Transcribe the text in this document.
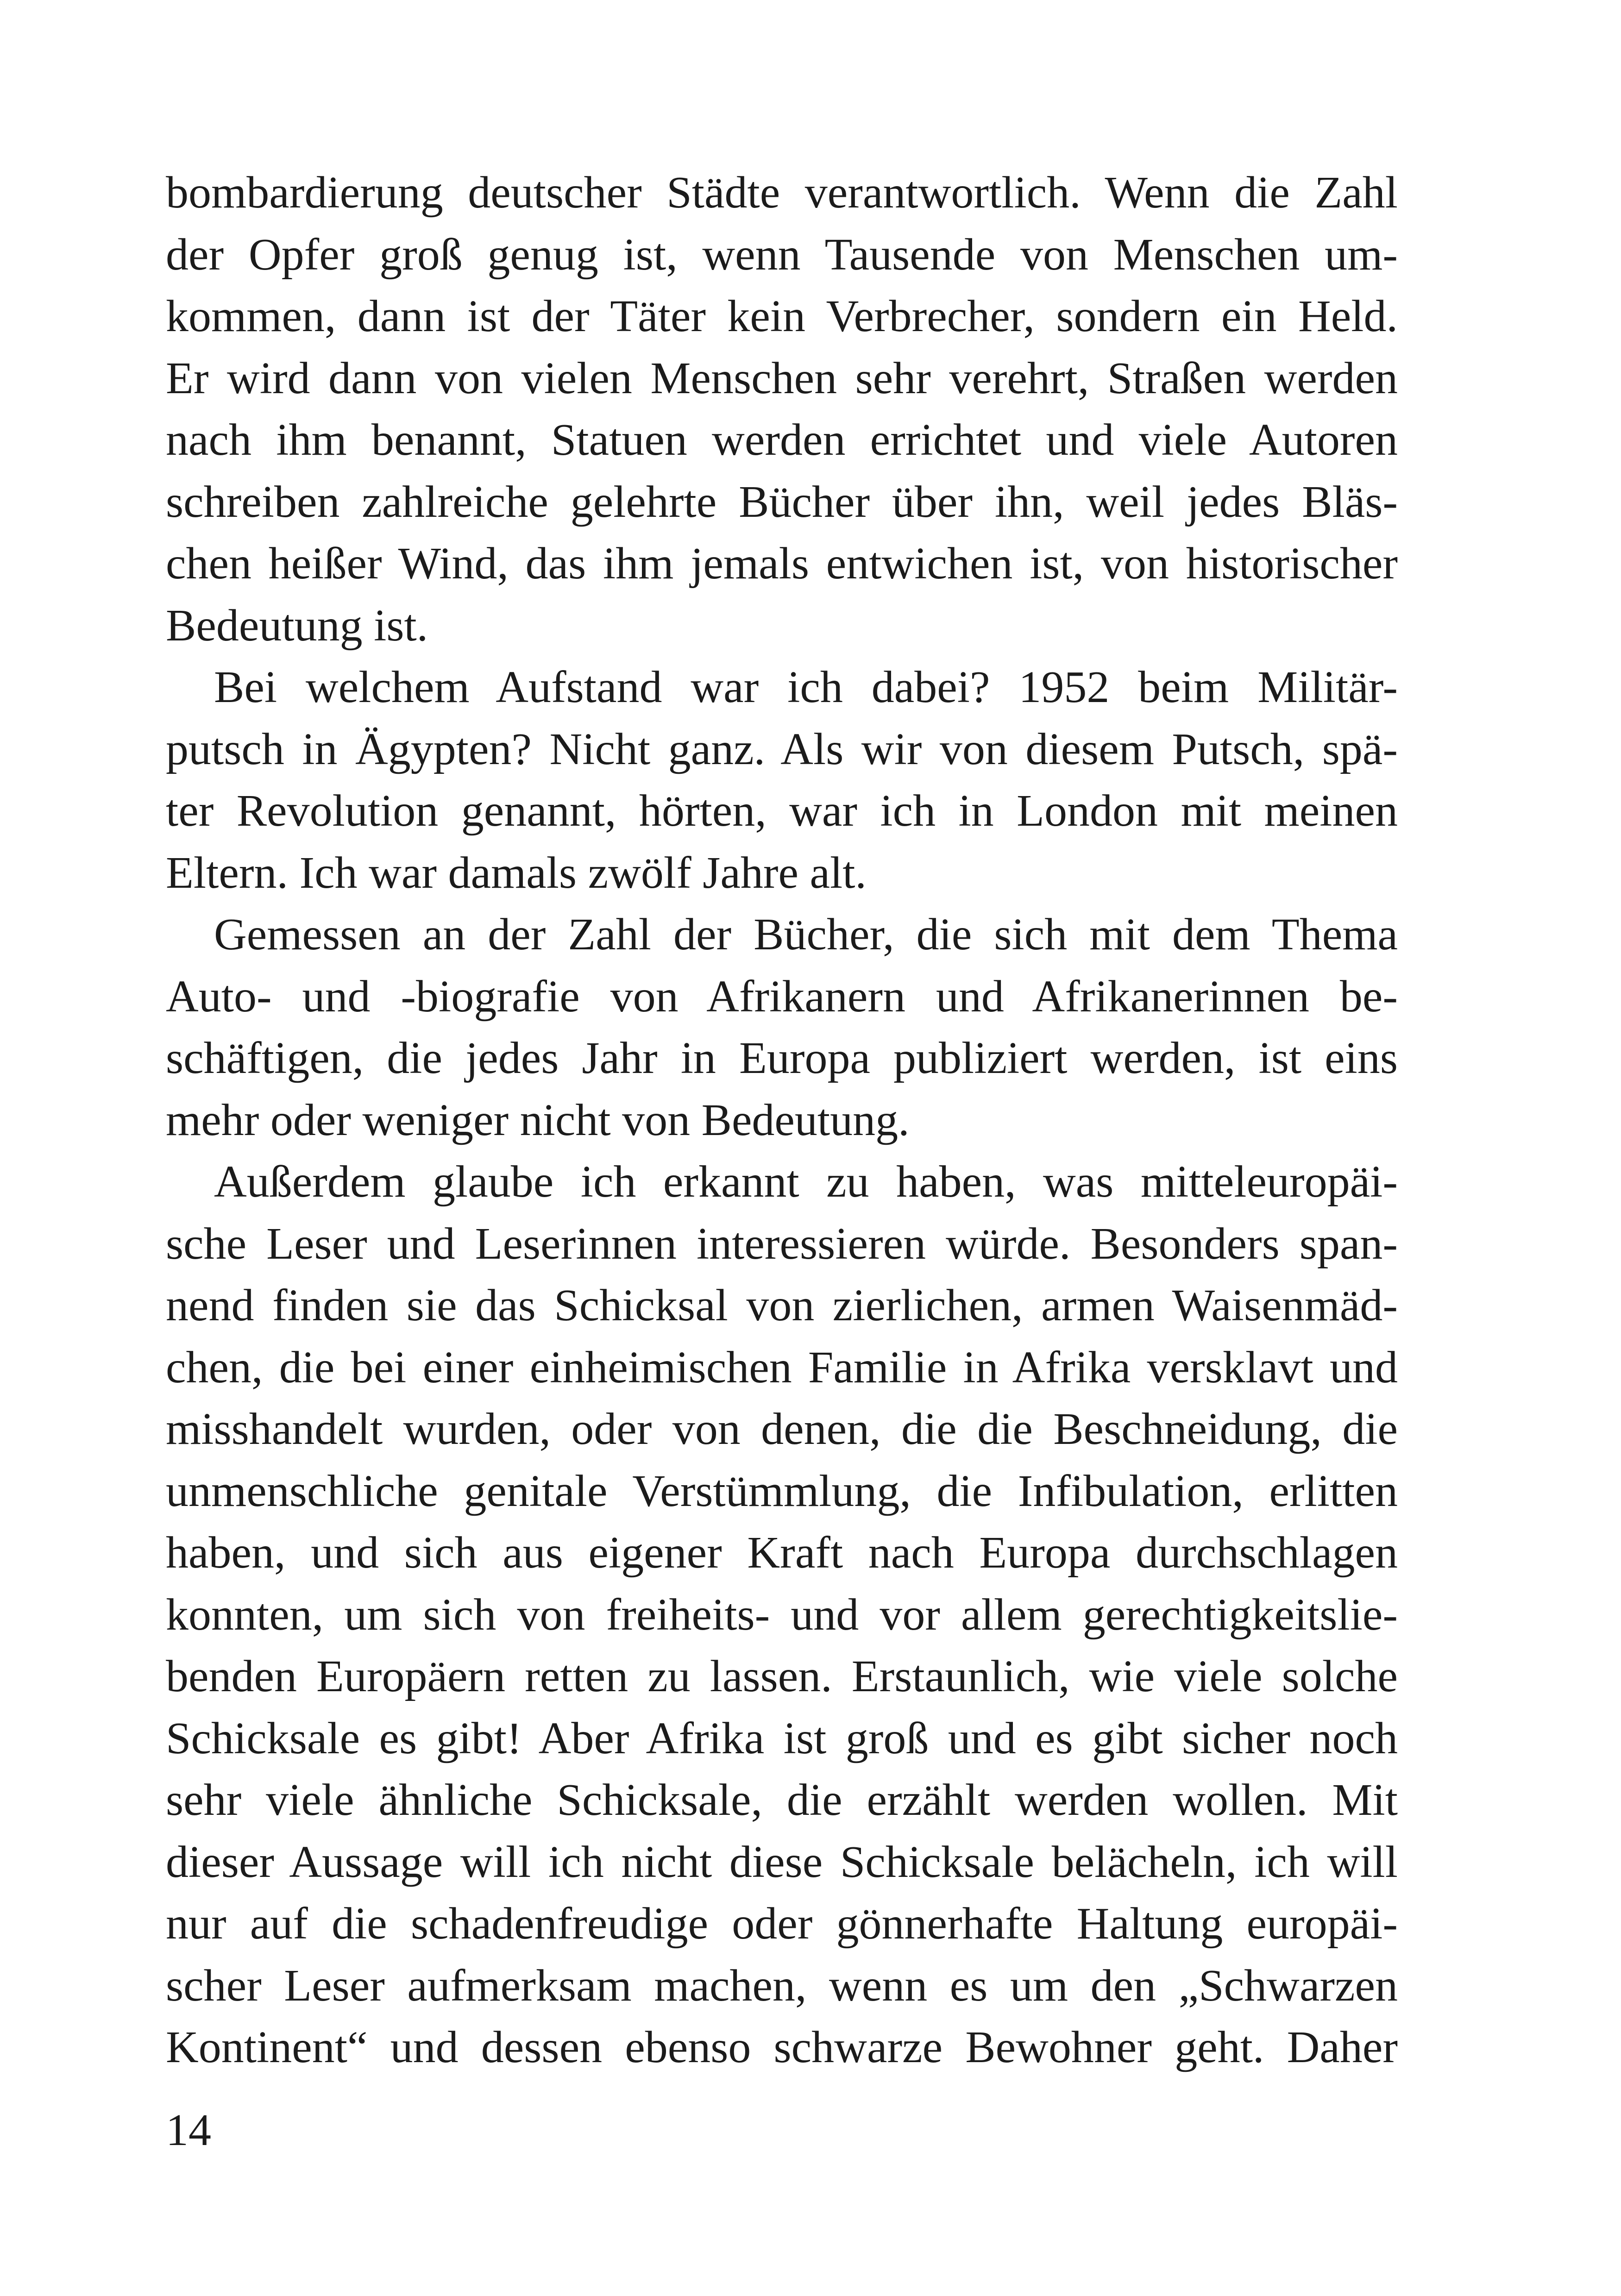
bombardierung deutscher Städte verantwortlich. Wenn die Zahl
der Opfer groß genug ist, wenn Tausende von Menschen um-
kommen, dann ist der Täter kein Verbrecher, sondern ein Held.
Er wird dann von vielen Menschen sehr verehrt, Straßen werden
nach ihm benannt, Statuen werden errichtet und viele Autoren
schreiben zahlreiche gelehrte Bücher über ihn, weil jedes Bläs-
chen heißer Wind, das ihm jemals entwichen ist, von historischer
Bedeutung ist.
Bei welchem Aufstand war ich dabei? 1952 beim Militär-
putsch in Ägypten? Nicht ganz. Als wir von diesem Putsch, spä-
ter Revolution genannt, hörten, war ich in London mit meinen
Eltern. Ich war damals zwölf Jahre alt.
Gemessen an der Zahl der Bücher, die sich mit dem Thema
Auto- und -biografie von Afrikanern und Afrikanerinnen be-
schäftigen, die jedes Jahr in Europa publiziert werden, ist eins
mehr oder weniger nicht von Bedeutung.
Außerdem glaube ich erkannt zu haben, was mitteleuropäi-
sche Leser und Leserinnen interessieren würde. Besonders span-
nend finden sie das Schicksal von zierlichen, armen Waisenmäd-
chen, die bei einer einheimischen Familie in Afrika versklavt und
misshandelt wurden, oder von denen, die die Beschneidung, die
unmenschliche genitale Verstümmlung, die Infibulation, erlitten
haben, und sich aus eigener Kraft nach Europa durchschlagen
konnten, um sich von freiheits- und vor allem gerechtigkeitslie-
benden Europäern retten zu lassen. Erstaunlich, wie viele solche
Schicksale es gibt! Aber Afrika ist groß und es gibt sicher noch
sehr viele ähnliche Schicksale, die erzählt werden wollen. Mit
dieser Aussage will ich nicht diese Schicksale belächeln, ich will
nur auf die schadenfreudige oder gönnerhafte Haltung europäi-
scher Leser aufmerksam machen, wenn es um den „Schwarzen
Kontinent“ und dessen ebenso schwarze Bewohner geht. Daher
14
